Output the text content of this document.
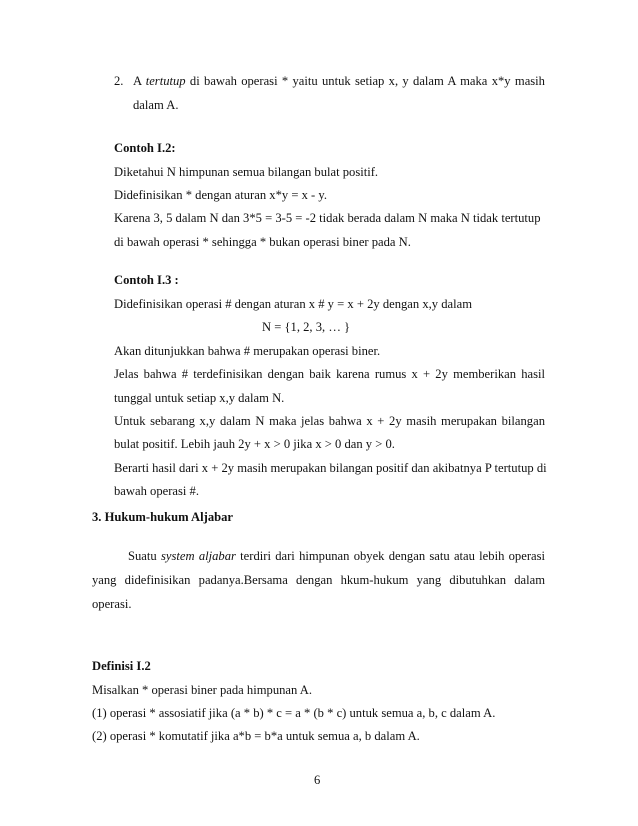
2. A tertutup di bawah operasi * yaitu untuk setiap x, y dalam A maka x*y masih
dalam A.
Contoh I.2:
Diketahui N himpunan semua bilangan bulat positif.
Didefinisikan * dengan aturan x*y = x - y.
Karena 3, 5 dalam N dan 3*5 = 3-5 = -2 tidak berada dalam N maka N tidak tertutup
di bawah operasi * sehingga * bukan operasi biner pada N.
Contoh I.3 :
Didefinisikan operasi # dengan aturan x # y = x + 2y dengan x,y dalam
N = {1, 2, 3, … }
Akan ditunjukkan bahwa # merupakan operasi biner.
Jelas bahwa # terdefinisikan dengan baik karena rumus x + 2y memberikan hasil
tunggal untuk setiap x,y dalam N.
Untuk sebarang x,y dalam N maka jelas bahwa x + 2y masih merupakan bilangan
bulat positif. Lebih jauh 2y + x > 0 jika x > 0 dan y > 0.
Berarti hasil dari x + 2y masih merupakan bilangan positif dan akibatnya P tertutup di
bawah operasi #.
3. Hukum-hukum Aljabar
Suatu system aljabar terdiri dari himpunan obyek dengan satu atau lebih operasi
yang didefinisikan padanya.Bersama dengan hkum-hukum yang dibutuhkan dalam
operasi.
Definisi I.2
Misalkan * operasi biner pada himpunan A.
(1) operasi * assosiatif jika (a * b) * c = a * (b * c) untuk semua a, b, c dalam A.
(2) operasi * komutatif jika a*b = b*a untuk semua a, b dalam A.
6
